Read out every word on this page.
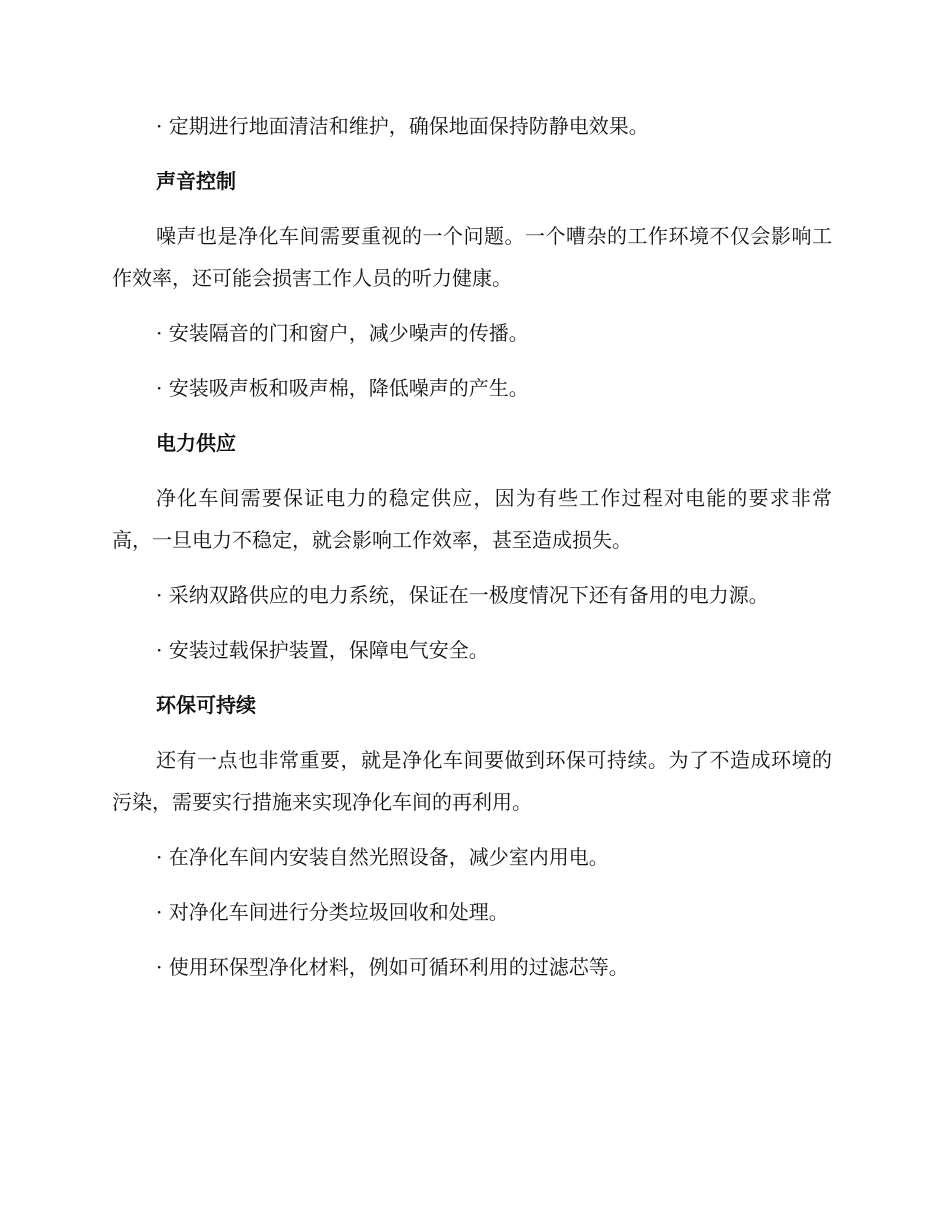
· 定期进行地面清洁和维护，确保地面保持防静电效果。

声音控制

噪声也是净化车间需要重视的一个问题。一个嘈杂的工作环境不仅会影响工作效率，还可能会损害工作人员的听力健康。

· 安装隔音的门和窗户，减少噪声的传播。

· 安装吸声板和吸声棉，降低噪声的产生。

电力供应

净化车间需要保证电力的稳定供应，因为有些工作过程对电能的要求非常高，一旦电力不稳定，就会影响工作效率，甚至造成损失。

· 采纳双路供应的电力系统，保证在一极度情况下还有备用的电力源。

· 安装过载保护装置，保障电气安全。

环保可持续

还有一点也非常重要，就是净化车间要做到环保可持续。为了不造成环境的污染，需要实行措施来实现净化车间的再利用。

· 在净化车间内安装自然光照设备，减少室内用电。

· 对净化车间进行分类垃圾回收和处理。

· 使用环保型净化材料，例如可循环利用的过滤芯等。
